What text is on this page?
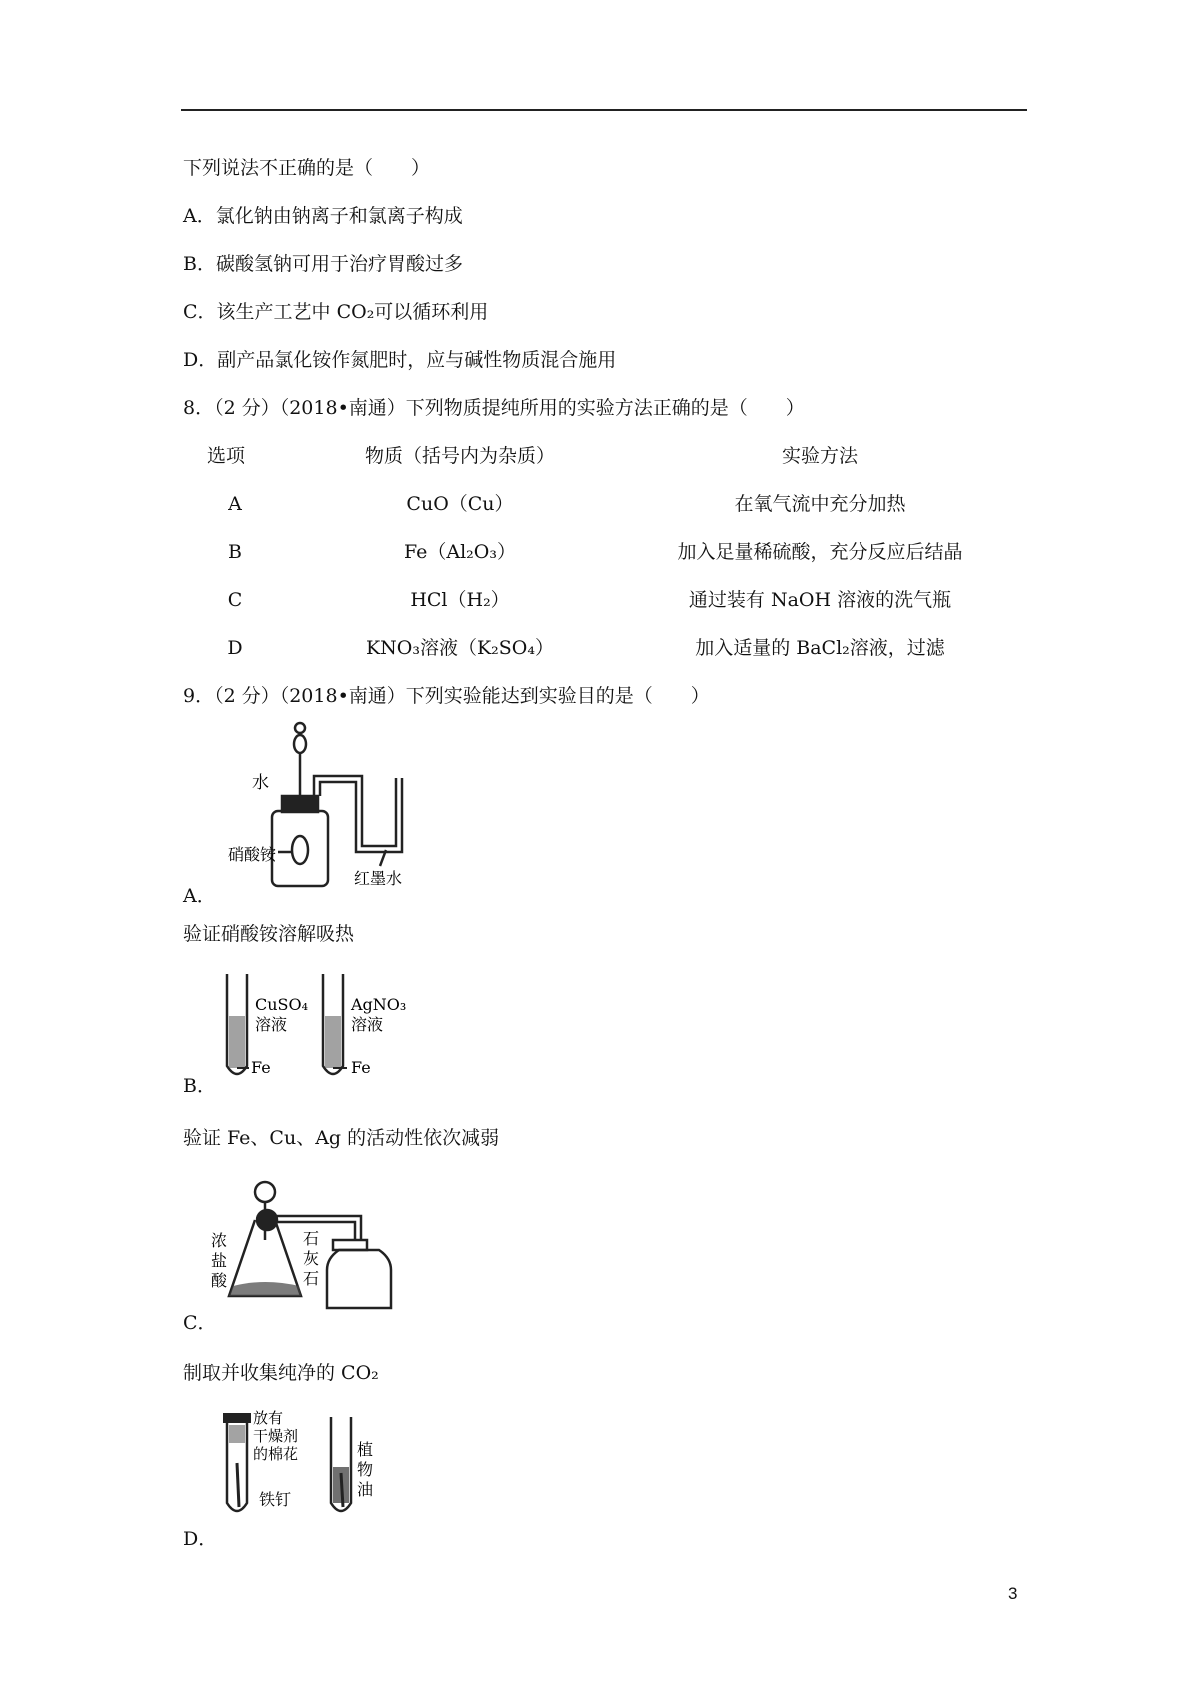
下列说法不正确的是（　　）
A．氯化钠由钠离子和氯离子构成
B．碳酸氢钠可用于治疗胃酸过多
C．该生产工艺中 CO₂可以循环利用
D．副产品氯化铵作氮肥时，应与碱性物质混合施用
8．（2 分）（2018•南通）下列物质提纯所用的实验方法正确的是（　　）
选项	物质（括号内为杂质）	实验方法
A	CuO（Cu）	在氧气流中充分加热
B	Fe（Al₂O₃）	加入足量稀硫酸，充分反应后结晶
C	HCl（H₂）	通过装有 NaOH 溶液的洗气瓶
D	KNO₃溶液（K₂SO₄）	加入适量的 BaCl₂溶液，过滤
9．（2 分）（2018•南通）下列实验能达到实验目的是（　　）
水
硝酸铵
红墨水
A．
验证硝酸铵溶解吸热
CuSO₄
溶液
Fe
AgNO₃
溶液
Fe
B．
验证 Fe、Cu、Ag 的活动性依次减弱
浓
盐
酸
石
灰
石
C．
制取并收集纯净的 CO₂
放有
干燥剂
的棉花
铁钉
植
物
油
D．
3
